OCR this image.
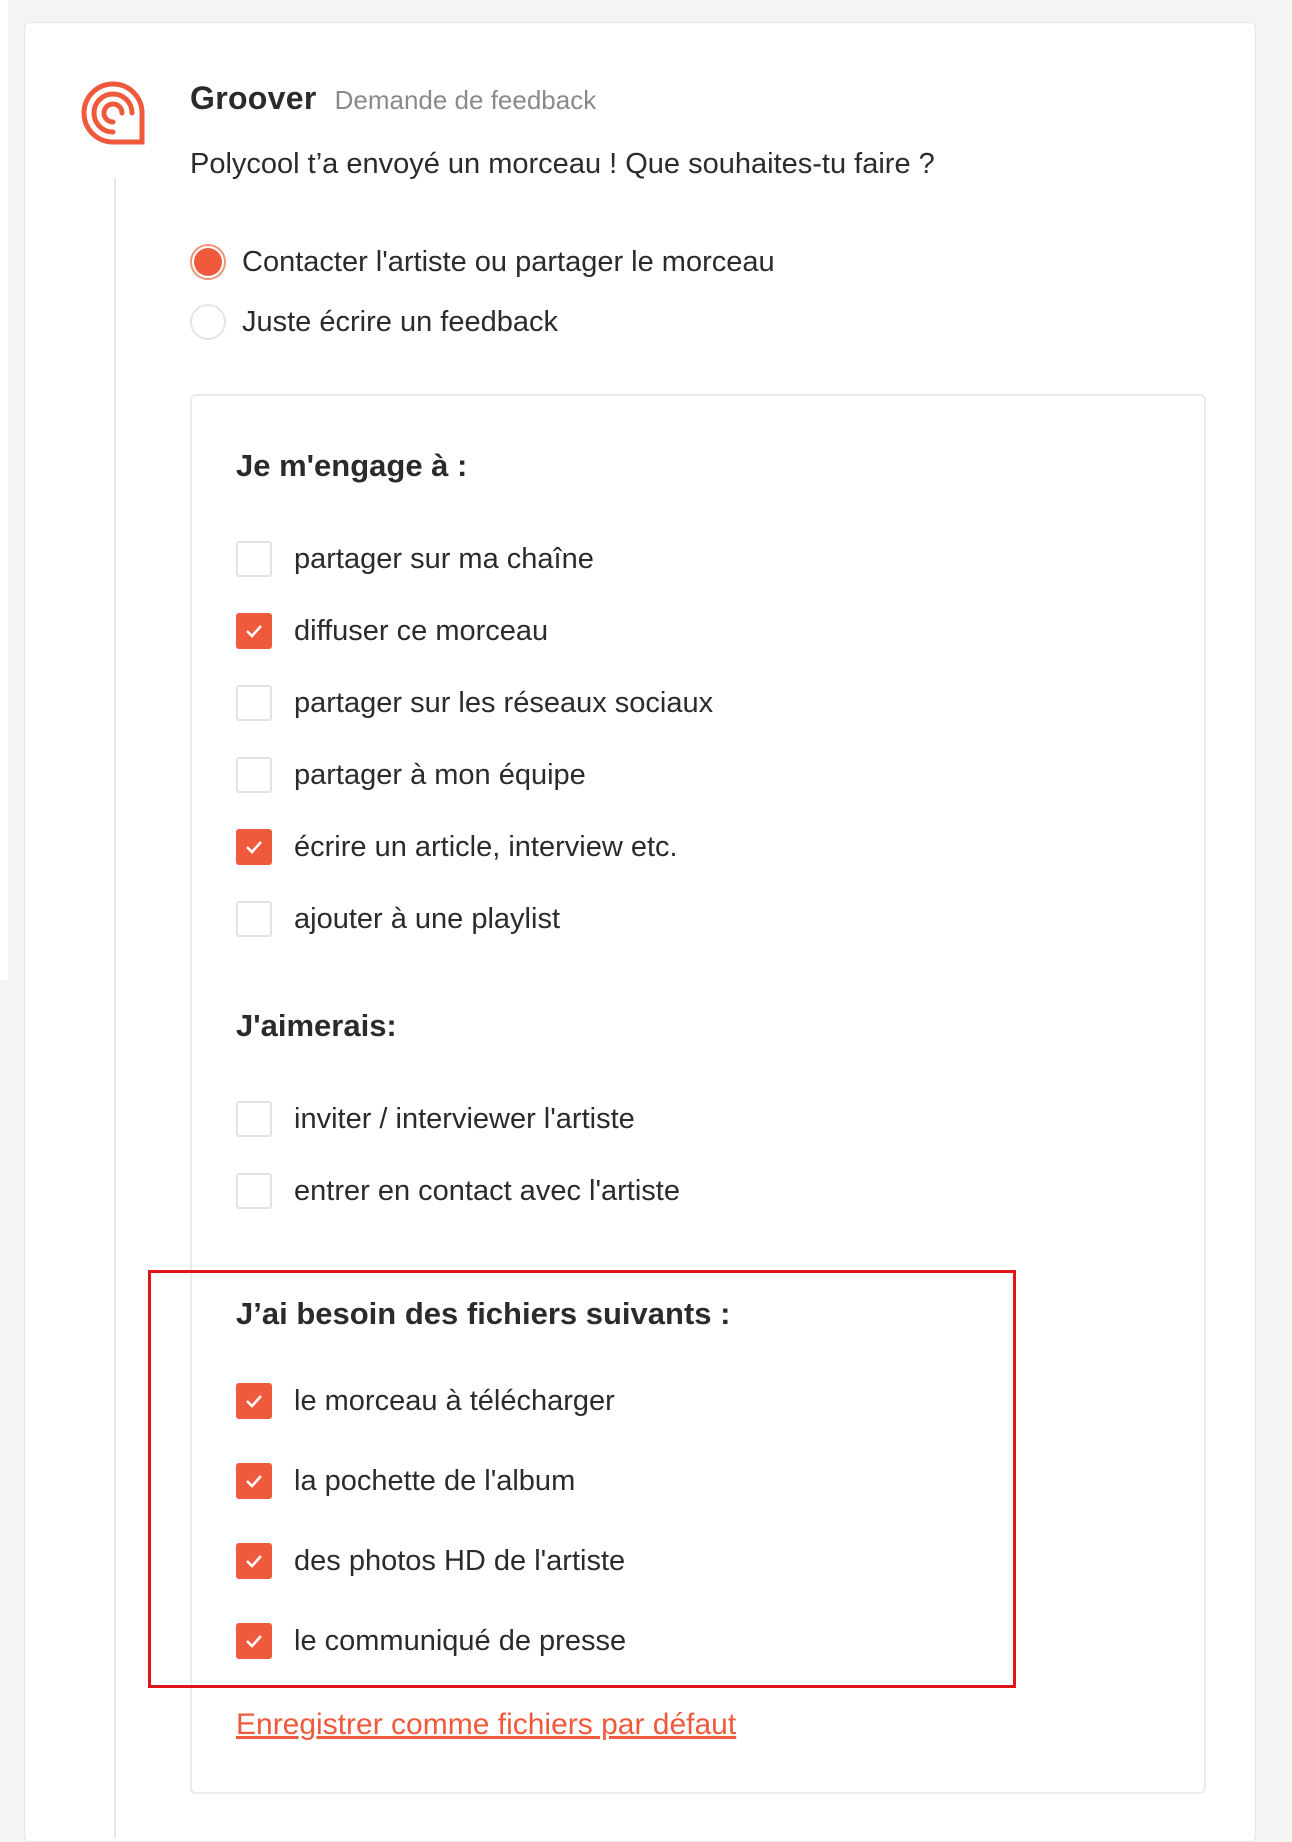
Groover Demande de feedback
Polycool t’a envoyé un morceau ! Que souhaites-tu faire ?
Contacter l'artiste ou partager le morceau
Juste écrire un feedback
Je m'engage à :
partager sur ma chaîne
diffuser ce morceau
partager sur les réseaux sociaux
partager à mon équipe
écrire un article, interview etc.
ajouter à une playlist
J'aimerais:
inviter / interviewer l'artiste
entrer en contact avec l'artiste
J’ai besoin des fichiers suivants :
le morceau à télécharger
la pochette de l'album
des photos HD de l'artiste
le communiqué de presse
Enregistrer comme fichiers par défaut
